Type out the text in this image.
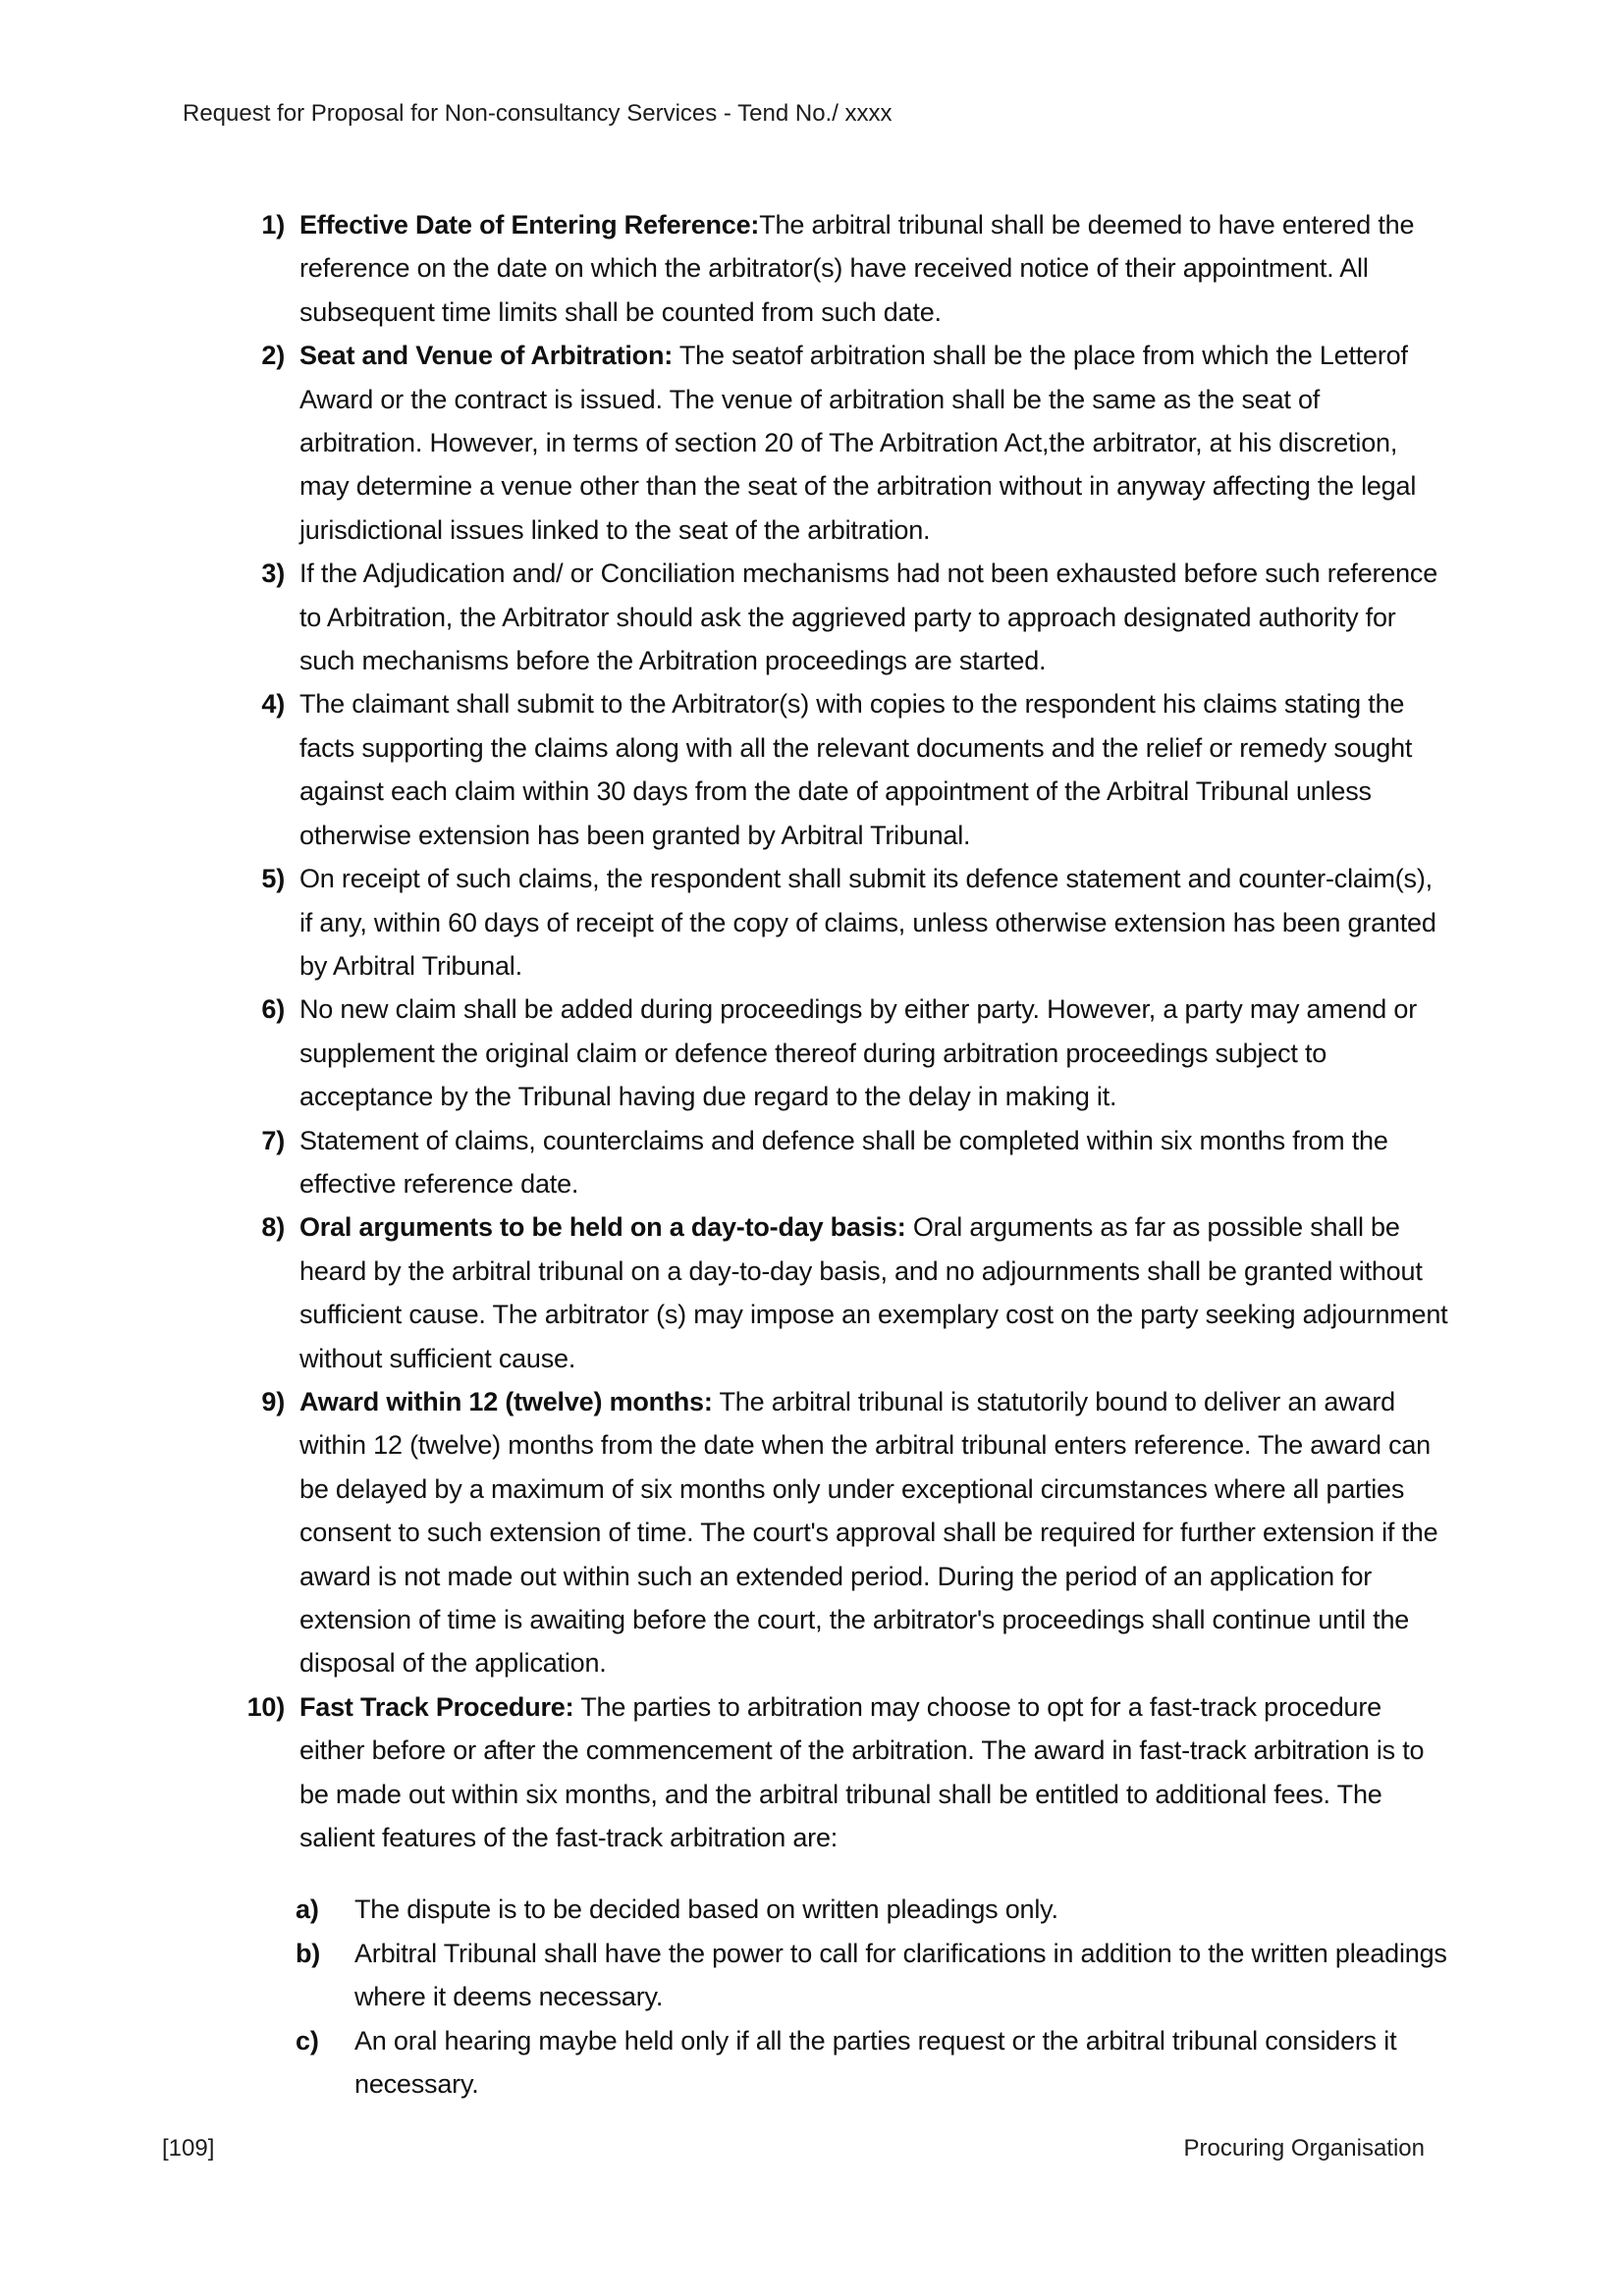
Request for Proposal for Non-consultancy Services - Tend No./ xxxx
1) Effective Date of Entering Reference:The arbitral tribunal shall be deemed to have entered the reference on the date on which the arbitrator(s) have received notice of their appointment. All subsequent time limits shall be counted from such date.
2) Seat and Venue of Arbitration: The seatof arbitration shall be the place from which the Letterof Award or the contract is issued. The venue of arbitration shall be the same as the seat of arbitration. However, in terms of section 20 of The Arbitration Act,the arbitrator, at his discretion, may determine a venue other than the seat of the arbitration without in anyway affecting the legal jurisdictional issues linked to the seat of the arbitration.
3) If the Adjudication and/ or Conciliation mechanisms had not been exhausted before such reference to Arbitration, the Arbitrator should ask the aggrieved party to approach designated authority for such mechanisms before the Arbitration proceedings are started.
4) The claimant shall submit to the Arbitrator(s) with copies to the respondent his claims stating the facts supporting the claims along with all the relevant documents and the relief or remedy sought against each claim within 30 days from the date of appointment of the Arbitral Tribunal unless otherwise extension has been granted by Arbitral Tribunal.
5) On receipt of such claims, the respondent shall submit its defence statement and counter-claim(s), if any, within 60 days of receipt of the copy of claims, unless otherwise extension has been granted by Arbitral Tribunal.
6) No new claim shall be added during proceedings by either party. However, a party may amend or supplement the original claim or defence thereof during arbitration proceedings subject to acceptance by the Tribunal having due regard to the delay in making it.
7) Statement of claims, counterclaims and defence shall be completed within six months from the effective reference date.
8) Oral arguments to be held on a day-to-day basis: Oral arguments as far as possible shall be heard by the arbitral tribunal on a day-to-day basis, and no adjournments shall be granted without sufficient cause. The arbitrator (s) may impose an exemplary cost on the party seeking adjournment without sufficient cause.
9) Award within 12 (twelve) months: The arbitral tribunal is statutorily bound to deliver an award within 12 (twelve) months from the date when the arbitral tribunal enters reference. The award can be delayed by a maximum of six months only under exceptional circumstances where all parties consent to such extension of time. The court's approval shall be required for further extension if the award is not made out within such an extended period. During the period of an application for extension of time is awaiting before the court, the arbitrator's proceedings shall continue until the disposal of the application.
10) Fast Track Procedure: The parties to arbitration may choose to opt for a fast-track procedure either before or after the commencement of the arbitration. The award in fast-track arbitration is to be made out within six months, and the arbitral tribunal shall be entitled to additional fees. The salient features of the fast-track arbitration are:
a)	The dispute is to be decided based on written pleadings only.
b) Arbitral Tribunal shall have the power to call for clarifications in addition to the written pleadings where it deems necessary.
c)	An oral hearing maybe held only if all the parties request or the arbitral tribunal considers it necessary.
[109]	Procuring Organisation
